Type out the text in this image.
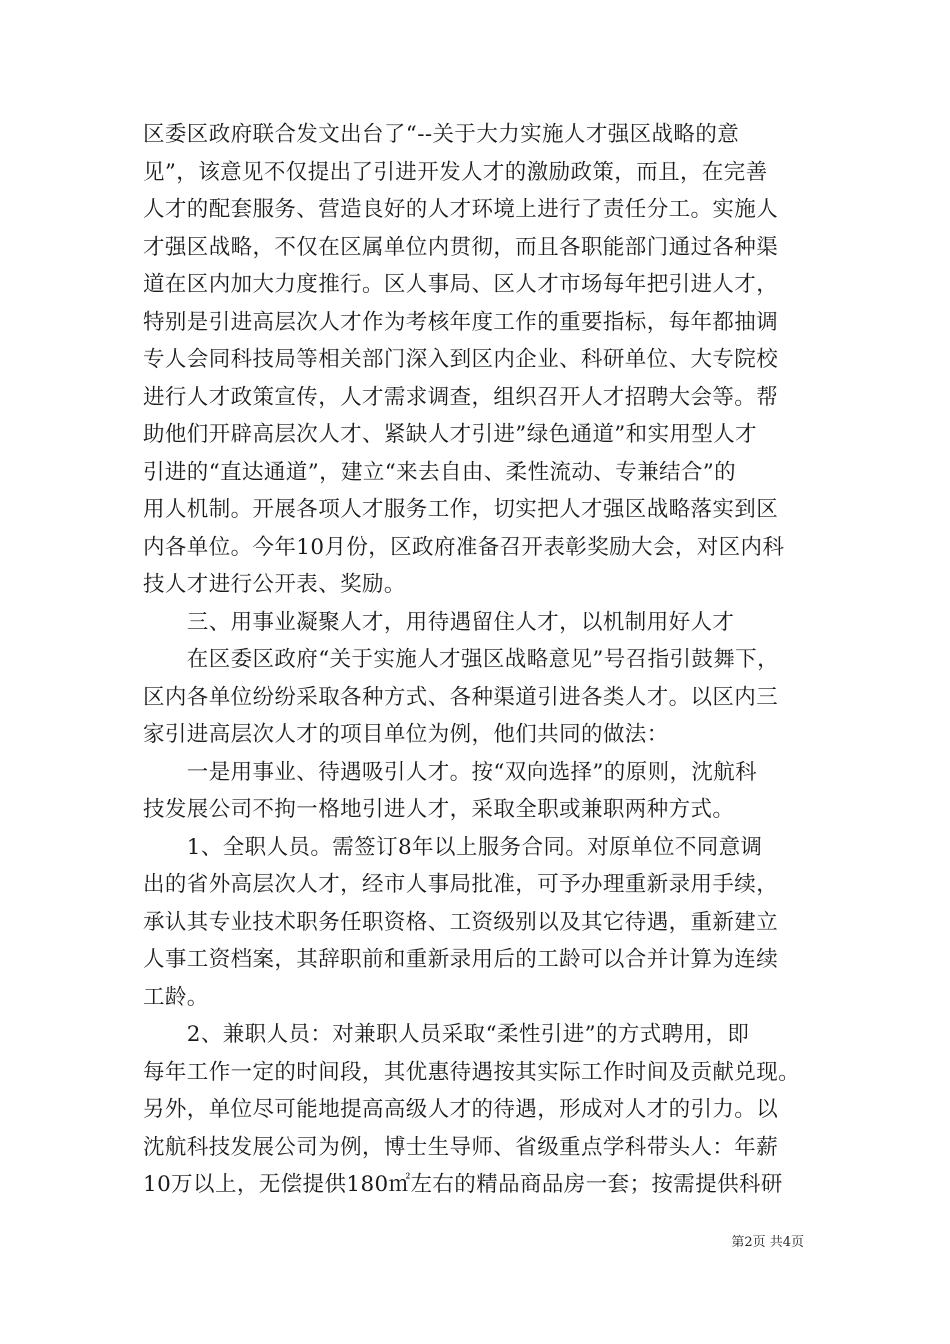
区委区政府联合发文出台了“--关于大力实施人才强区战略的意
见”，该意见不仅提出了引进开发人才的激励政策，而且，在完善
人才的配套服务、营造良好的人才环境上进行了责任分工。实施人
才强区战略，不仅在区属单位内贯彻，而且各职能部门通过各种渠
道在区内加大力度推行。区人事局、区人才市场每年把引进人才，
特别是引进高层次人才作为考核年度工作的重要指标，每年都抽调
专人会同科技局等相关部门深入到区内企业、科研单位、大专院校
进行人才政策宣传，人才需求调查，组织召开人才招聘大会等。帮
助他们开辟高层次人才、紧缺人才引进”绿色通道”和实用型人才
引进的“直达通道”，建立“来去自由、柔性流动、专兼结合”的
用人机制。开展各项人才服务工作，切实把人才强区战略落实到区
内各单位。今年10月份，区政府准备召开表彰奖励大会，对区内科
技人才进行公开表、奖励。
　　三、用事业凝聚人才，用待遇留住人才，以机制用好人才
　　在区委区政府“关于实施人才强区战略意见”号召指引鼓舞下，
区内各单位纷纷采取各种方式、各种渠道引进各类人才。以区内三
家引进高层次人才的项目单位为例，他们共同的做法：
　　一是用事业、待遇吸引人才。按“双向选择”的原则，沈航科
技发展公司不拘一格地引进人才，采取全职或兼职两种方式。
　　1、全职人员。需签订8年以上服务合同。对原单位不同意调
出的省外高层次人才，经市人事局批准，可予办理重新录用手续，
承认其专业技术职务任职资格、工资级别以及其它待遇，重新建立
人事工资档案，其辞职前和重新录用后的工龄可以合并计算为连续
工龄。
　　2、兼职人员：对兼职人员采取“柔性引进”的方式聘用，即
每年工作一定的时间段，其优惠待遇按其实际工作时间及贡献兑现。
另外，单位尽可能地提高高级人才的待遇，形成对人才的引力。以
沈航科技发展公司为例，博士生导师、省级重点学科带头人：年薪
10万以上，无偿提供180㎡左右的精品商品房一套；按需提供科研
第2页 共4页
